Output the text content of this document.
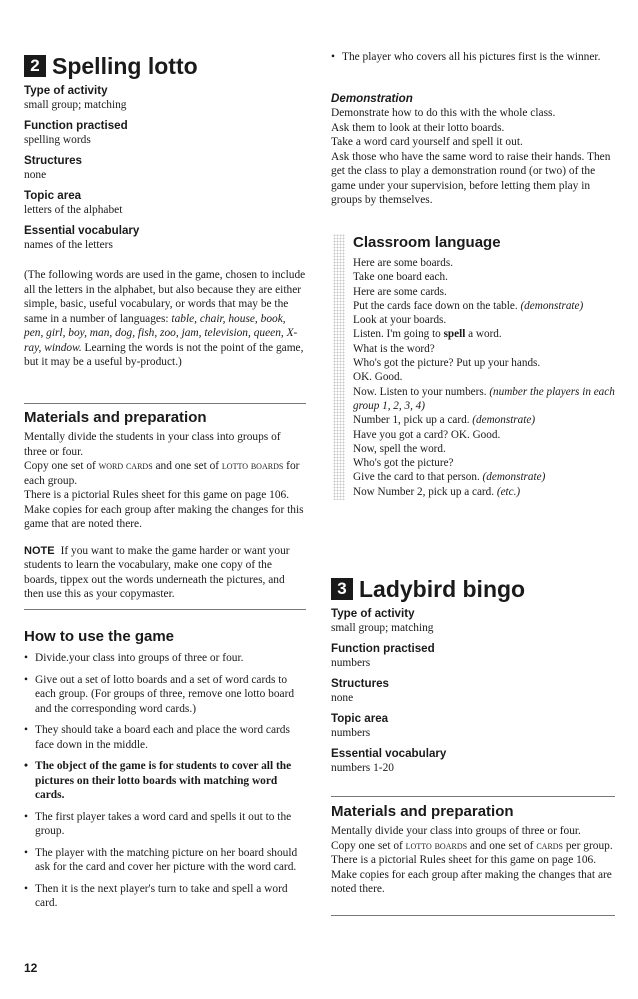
2 Spelling lotto
Type of activity
small group; matching
Function practised
spelling words
Structures
none
Topic area
letters of the alphabet
Essential vocabulary
names of the letters
(The following words are used in the game, chosen to include all the letters in the alphabet, but also because they are either simple, basic, useful vocabulary, or words that may be the same in a number of languages: table, chair, house, book, pen, girl, boy, man, dog, fish, zoo, jam, television, queen, X-ray, window. Learning the words is not the point of the game, but it may be a useful by-product.)
Materials and preparation
Mentally divide the students in your class into groups of three or four.
Copy one set of word cards and one set of lotto boards for each group.
There is a pictorial Rules sheet for this game on page 106. Make copies for each group after making the changes for this game that are noted there.
NOTE If you want to make the game harder or want your students to learn the vocabulary, make one copy of the boards, tippex out the words underneath the pictures, and then use this as your copymaster.
How to use the game
• Divide.your class into groups of three or four.
• Give out a set of lotto boards and a set of word cards to each group. (For groups of three, remove one lotto board and the corresponding word cards.)
• They should take a board each and place the word cards face down in the middle.
• The object of the game is for students to cover all the pictures on their lotto boards with matching word cards.
• The first player takes a word card and spells it out to the group.
• The player with the matching picture on her board should ask for the card and cover her picture with the word card.
• Then it is the next player's turn to take and spell a word card.
12
• The player who covers all his pictures first is the winner.
Demonstration
Demonstrate how to do this with the whole class.
Ask them to look at their lotto boards.
Take a word card yourself and spell it out.
Ask those who have the same word to raise their hands. Then get the class to play a demonstration round (or two) of the game under your supervision, before letting them play in groups by themselves.
Classroom language
Here are some boards.
Take one board each.
Here are some cards.
Put the cards face down on the table. (demonstrate)
Look at your boards.
Listen. I'm going to spell a word.
What is the word?
Who's got the picture? Put up your hands.
OK. Good.
Now. Listen to your numbers. (number the players in each group 1, 2, 3, 4)
Number 1, pick up a card. (demonstrate)
Have you got a card? OK. Good.
Now, spell the word.
Who's got the picture?
Give the card to that person. (demonstrate)
Now Number 2, pick up a card. (etc.)
3 Ladybird bingo
Type of activity
small group; matching
Function practised
numbers
Structures
none
Topic area
numbers
Essential vocabulary
numbers 1-20
Materials and preparation
Mentally divide your class into groups of three or four.
Copy one set of lotto boards and one set of cards per group.
There is a pictorial Rules sheet for this game on page 106. Make copies for each group after making the changes that are noted there.
